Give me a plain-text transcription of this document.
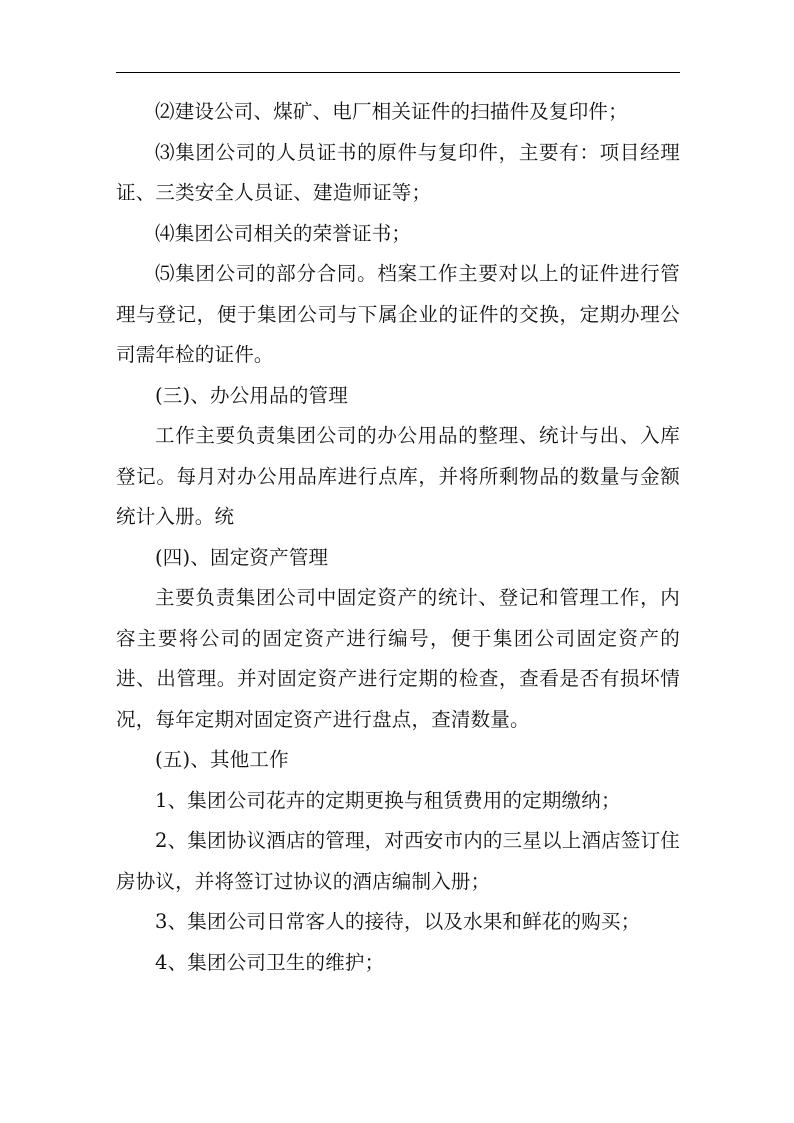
⑵建设公司、煤矿、电厂相关证件的扫描件及复印件；

⑶集团公司的人员证书的原件与复印件，主要有：项目经理证、三类安全人员证、建造师证等；

⑷集团公司相关的荣誉证书；

⑸集团公司的部分合同。档案工作主要对以上的证件进行管理与登记，便于集团公司与下属企业的证件的交换，定期办理公司需年检的证件。

(三)、办公用品的管理

工作主要负责集团公司的办公用品的整理、统计与出、入库登记。每月对办公用品库进行点库，并将所剩物品的数量与金额统计入册。统

(四)、固定资产管理

主要负责集团公司中固定资产的统计、登记和管理工作，内容主要将公司的固定资产进行编号，便于集团公司固定资产的进、出管理。并对固定资产进行定期的检查，查看是否有损坏情况，每年定期对固定资产进行盘点，查清数量。

(五)、其他工作

1、集团公司花卉的定期更换与租赁费用的定期缴纳；

2、集团协议酒店的管理，对西安市内的三星以上酒店签订住房协议，并将签订过协议的酒店编制入册；

3、集团公司日常客人的接待，以及水果和鲜花的购买；

4、集团公司卫生的维护；
